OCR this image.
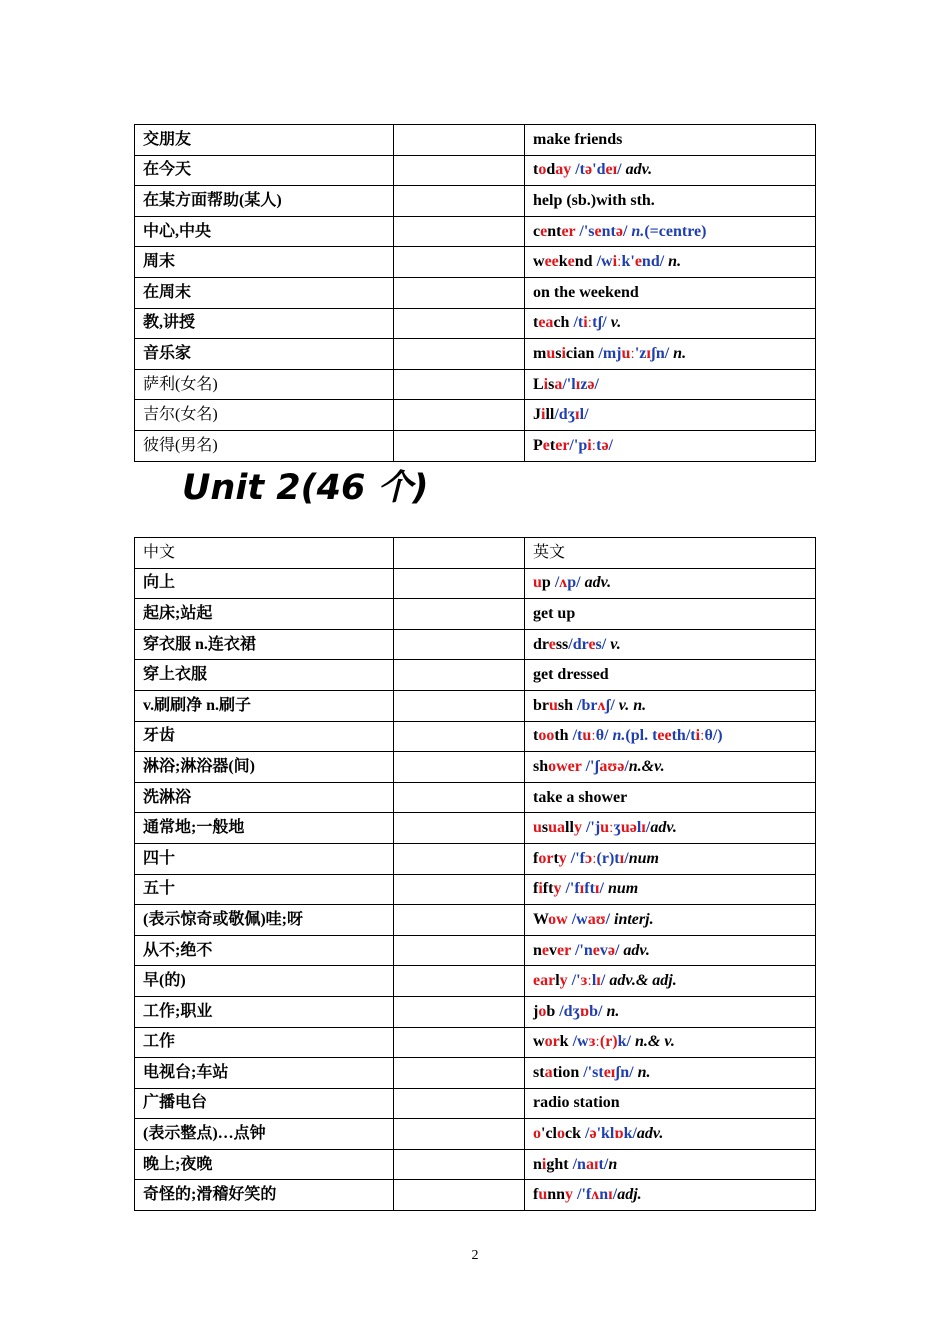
交朋友		make friends
在今天		today /tə'deɪ/ adv.
在某方面帮助(某人)		help (sb.)with sth.
中心,中央		center /'sentə/ n.(=centre)
周末		weekend /wiːk'end/ n.
在周末		on the weekend
教,讲授		teach /tiːtʃ/ v.
音乐家		musician /mjuː'zɪʃn/ n.
萨利(女名)		Lisa/'lɪzə/
吉尔(女名)		Jill/dʒɪl/
彼得(男名)		Peter/'piːtə/
Unit 2(46 个)
中文		英文
向上		up /ʌp/ adv.
起床;站起		get up
穿衣服 n.连衣裙		dress/dres/ v.
穿上衣服		get dressed
v.刷刷净 n.刷子		brush /brʌʃ/ v. n.
牙齿		tooth /tuːθ/ n.(pl. teeth/tiːθ/)
淋浴;淋浴器(间)		shower /'ʃaʊə/n.&v.
洗淋浴		take a shower
通常地;一般地		usually /'juːʒuəlɪ/adv.
四十		forty /'fɔː(r)tɪ/num
五十		fifty /'fɪftɪ/ num
(表示惊奇或敬佩)哇;呀		Wow /waʊ/ interj.
从不;绝不		never /'nevə/ adv.
早(的)		early /'ɜːlɪ/ adv.& adj.
工作;职业		job /dʒɒb/ n.
工作		work /wɜː(r)k/ n.& v.
电视台;车站		station /'steɪʃn/ n.
广播电台		radio station
(表示整点)…点钟		o'clock /ə'klɒk/adv.
晚上;夜晚		night /naɪt/n
奇怪的;滑稽好笑的		funny /'fʌnɪ/adj.
2
